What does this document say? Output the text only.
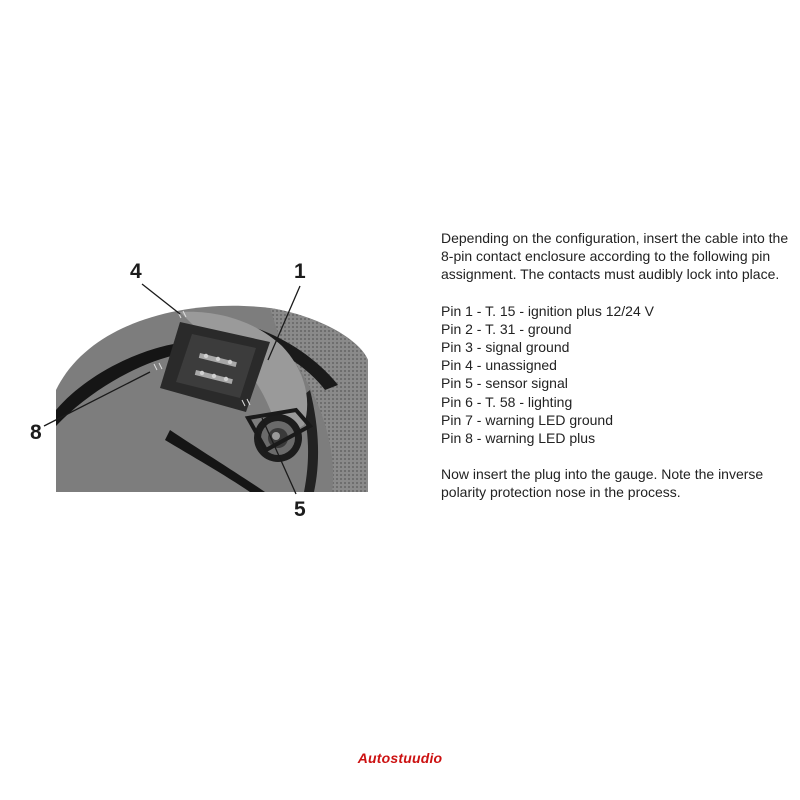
4	1
8
5

Depending on the configuration, insert the cable into the 8-pin contact enclosure according to the following pin assignment. The contacts must audibly lock into place.

Pin 1 - T. 15 - ignition plus 12/24 V
Pin 2 - T. 31 - ground
Pin 3 - signal ground
Pin 4 - unassigned
Pin 5 - sensor signal
Pin 6 - T. 58 - lighting
Pin 7 - warning LED ground
Pin 8 - warning LED plus

Now insert the plug into the gauge. Note the inverse polarity protection nose in the process.

Autostuudio
